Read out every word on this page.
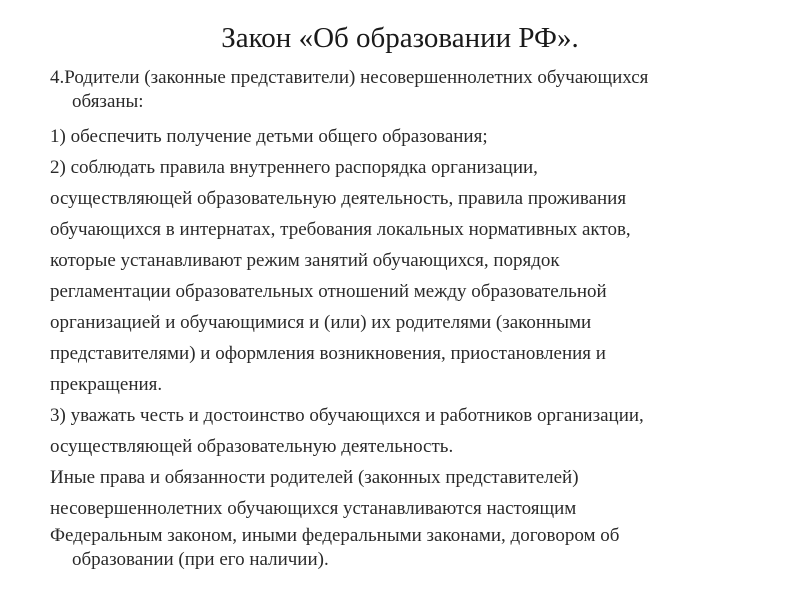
Закон «Об образовании РФ».
4.Родители (законные представители) несовершеннолетних обучающихся
обязаны:
1) обеспечить получение детьми общего образования;
2) соблюдать правила внутреннего распорядка организации,
осуществляющей образовательную деятельность, правила проживания
обучающихся в интернатах, требования локальных нормативных актов,
которые устанавливают режим занятий обучающихся, порядок
регламентации образовательных отношений между образовательной
организацией и обучающимися и (или) их родителями (законными
представителями) и оформления возникновения, приостановления и
прекращения.
3) уважать честь и достоинство обучающихся и работников организации,
осуществляющей образовательную деятельность.
Иные права и обязанности родителей (законных представителей)
несовершеннолетних обучающихся устанавливаются настоящим
Федеральным законом, иными федеральными законами, договором об
образовании (при его наличии).
